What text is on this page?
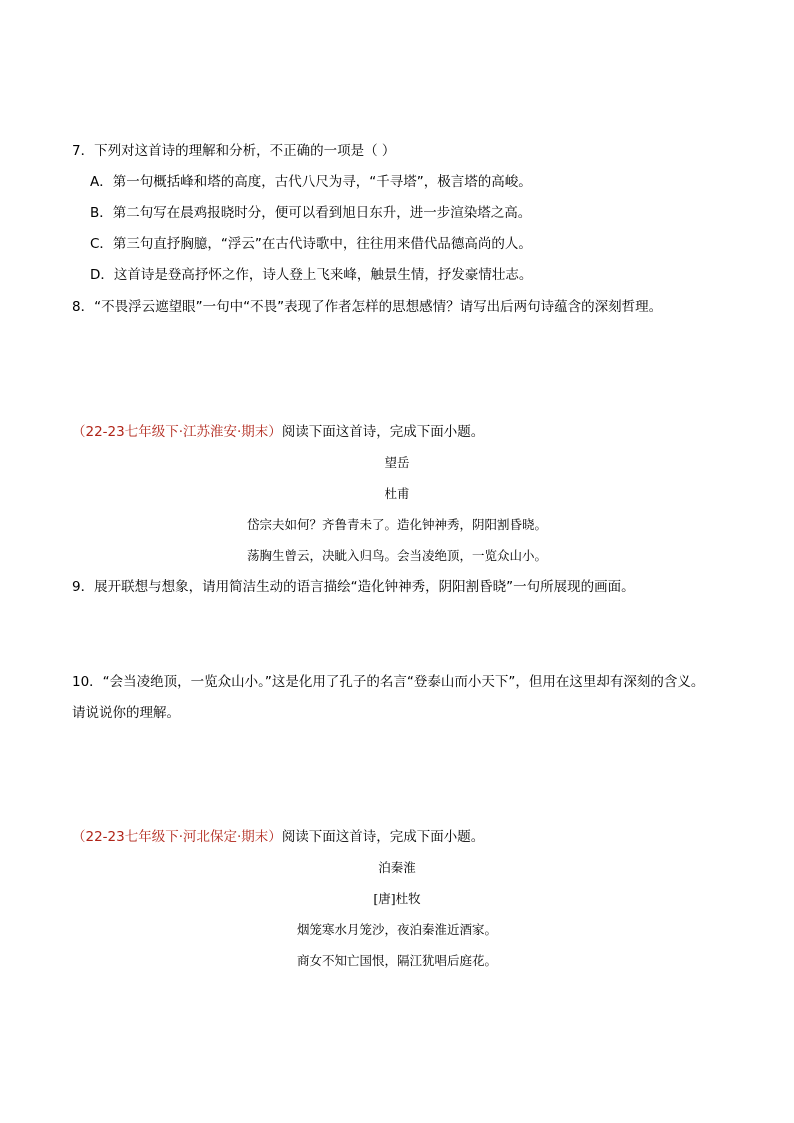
7．下列对这首诗的理解和分析，不正确的一项是（ ）
A．第一句概括峰和塔的高度，古代八尺为寻，“千寻塔”，极言塔的高峻。
B．第二句写在晨鸡报晓时分，便可以看到旭日东升，进一步渲染塔之高。
C．第三句直抒胸臆，“浮云”在古代诗歌中，往往用来借代品德高尚的人。
D．这首诗是登高抒怀之作，诗人登上飞来峰，触景生情，抒发豪情壮志。
8．“不畏浮云遮望眼”一句中“不畏”表现了作者怎样的思想感情？请写出后两句诗蕴含的深刻哲理。
（22-23七年级下·江苏淮安·期末）阅读下面这首诗，完成下面小题。
望岳
杜甫
岱宗夫如何？齐鲁青未了。造化钟神秀，阴阳割昏晓。
荡胸生曾云，决眦入归鸟。会当凌绝顶，一览众山小。
9．展开联想与想象，请用简洁生动的语言描绘“造化钟神秀，阴阳割昏晓”一句所展现的画面。
10．“会当凌绝顶，一览众山小。”这是化用了孔子的名言“登泰山而小天下”，但用在这里却有深刻的含义。
请说说你的理解。
（22-23七年级下·河北保定·期末）阅读下面这首诗，完成下面小题。
泊秦淮
[唐]杜牧
烟笼寒水月笼沙，夜泊秦淮近酒家。
商女不知亡国恨，隔江犹唱后庭花。
